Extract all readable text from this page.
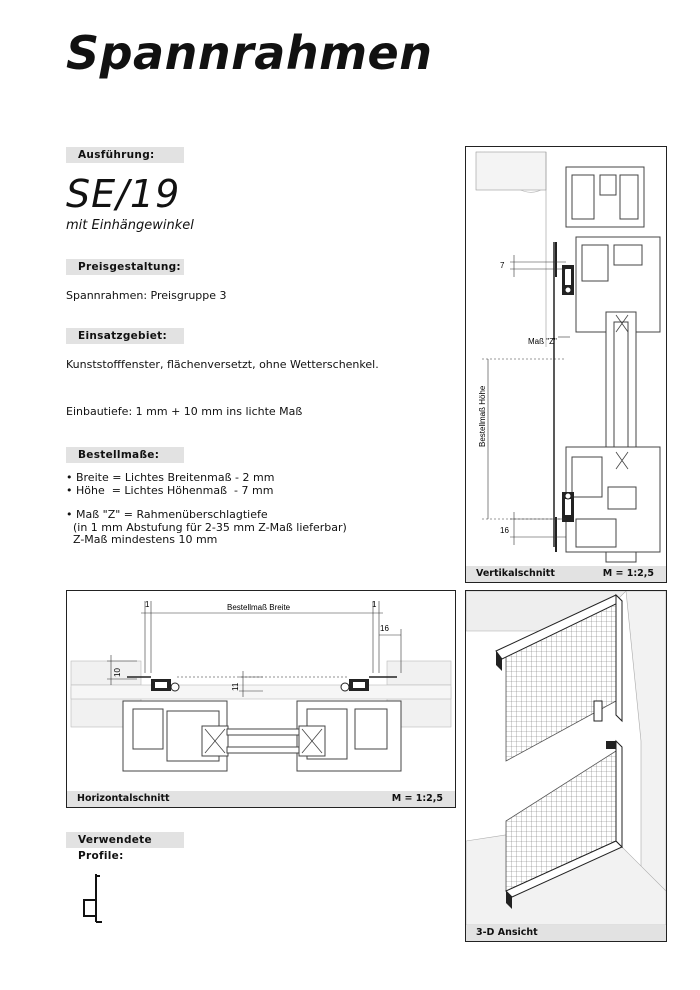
Spannrahmen
Ausführung:
SE/19
mit Einhängewinkel
Preisgestaltung:
Spannrahmen: Preisgruppe 3
Einsatzgebiet:
Kunststofffenster, flächenversetzt, ohne Wetterschenkel.
Einbautiefe: 1 mm + 10 mm ins lichte Maß
Bestellmaße:
• Breite = Lichtes Breitenmaß - 2 mm
• Höhe  = Lichtes Höhenmaß  - 7 mm
• Maß "Z" = Rahmenüberschlagtiefe
(in 1 mm Abstufung für 2-35 mm Z-Maß lieferbar)
Z-Maß mindestens 10 mm
Verwendete Profile:
7
16
Maß "Z"
Bestellmaß Höhe
Vertikalschnitt	M = 1:2,5
1	1
Bestellmaß Breite
16
10
11
Horizontalschnitt	M = 1:2,5
3-D Ansicht
